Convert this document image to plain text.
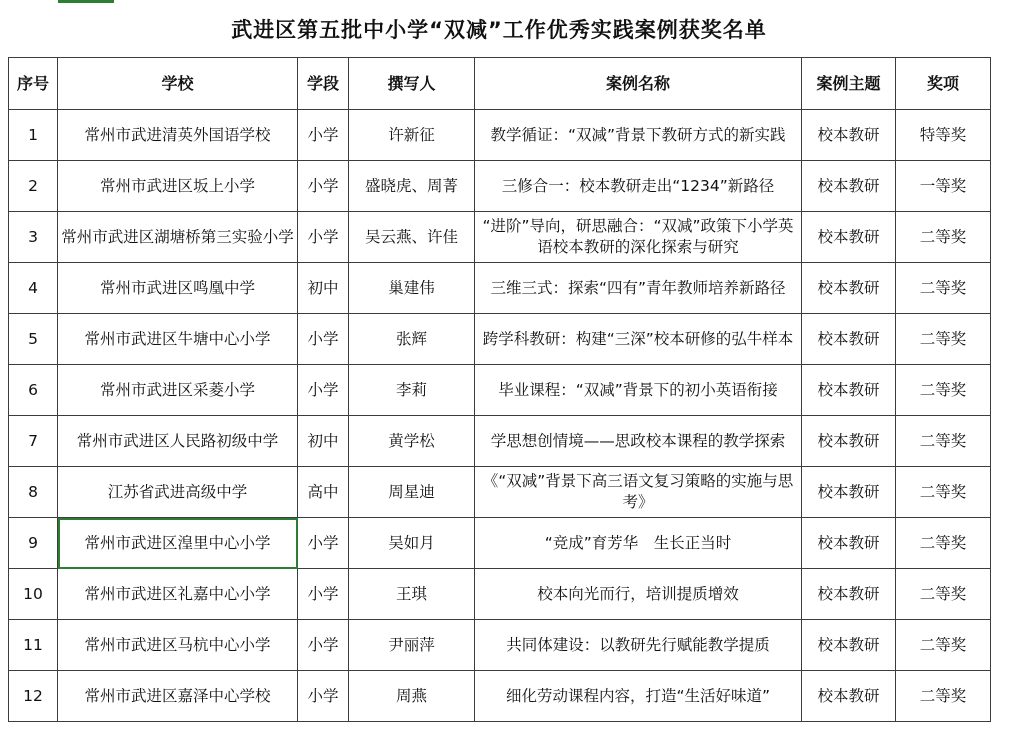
武进区第五批中小学“双减”工作优秀实践案例获奖名单
序号	学校	学段	撰写人	案例名称	案例主题	奖项
1	常州市武进清英外国语学校	小学	许新征	教学循证：“双减”背景下教研方式的新实践	校本教研	特等奖
2	常州市武进区坂上小学	小学	盛晓虎、周菁	三修合一：校本教研走出“1234”新路径	校本教研	一等奖
3	常州市武进区湖塘桥第三实验小学	小学	吴云燕、许佳	“进阶”导向，研思融合：“双减”政策下小学英语校本教研的深化探索与研究	校本教研	二等奖
4	常州市武进区鸣凰中学	初中	巢建伟	三维三式：探索“四有”青年教师培养新路径	校本教研	二等奖
5	常州市武进区牛塘中心小学	小学	张辉	跨学科教研：构建“三深”校本研修的弘牛样本	校本教研	二等奖
6	常州市武进区采菱小学	小学	李莉	毕业课程：“双减”背景下的初小英语衔接	校本教研	二等奖
7	常州市武进区人民路初级中学	初中	黄学松	学思想创情境——思政校本课程的教学探索	校本教研	二等奖
8	江苏省武进高级中学	高中	周星迪	《“双减”背景下高三语文复习策略的实施与思考》	校本教研	二等奖
9	常州市武进区湟里中心小学	小学	吴如月	“竞成”育芳华　生长正当时	校本教研	二等奖
10	常州市武进区礼嘉中心小学	小学	王琪	校本向光而行，培训提质增效	校本教研	二等奖
11	常州市武进区马杭中心小学	小学	尹丽萍	共同体建设：以教研先行赋能教学提质	校本教研	二等奖
12	常州市武进区嘉泽中心学校	小学	周燕	细化劳动课程内容，打造“生活好味道”	校本教研	二等奖
